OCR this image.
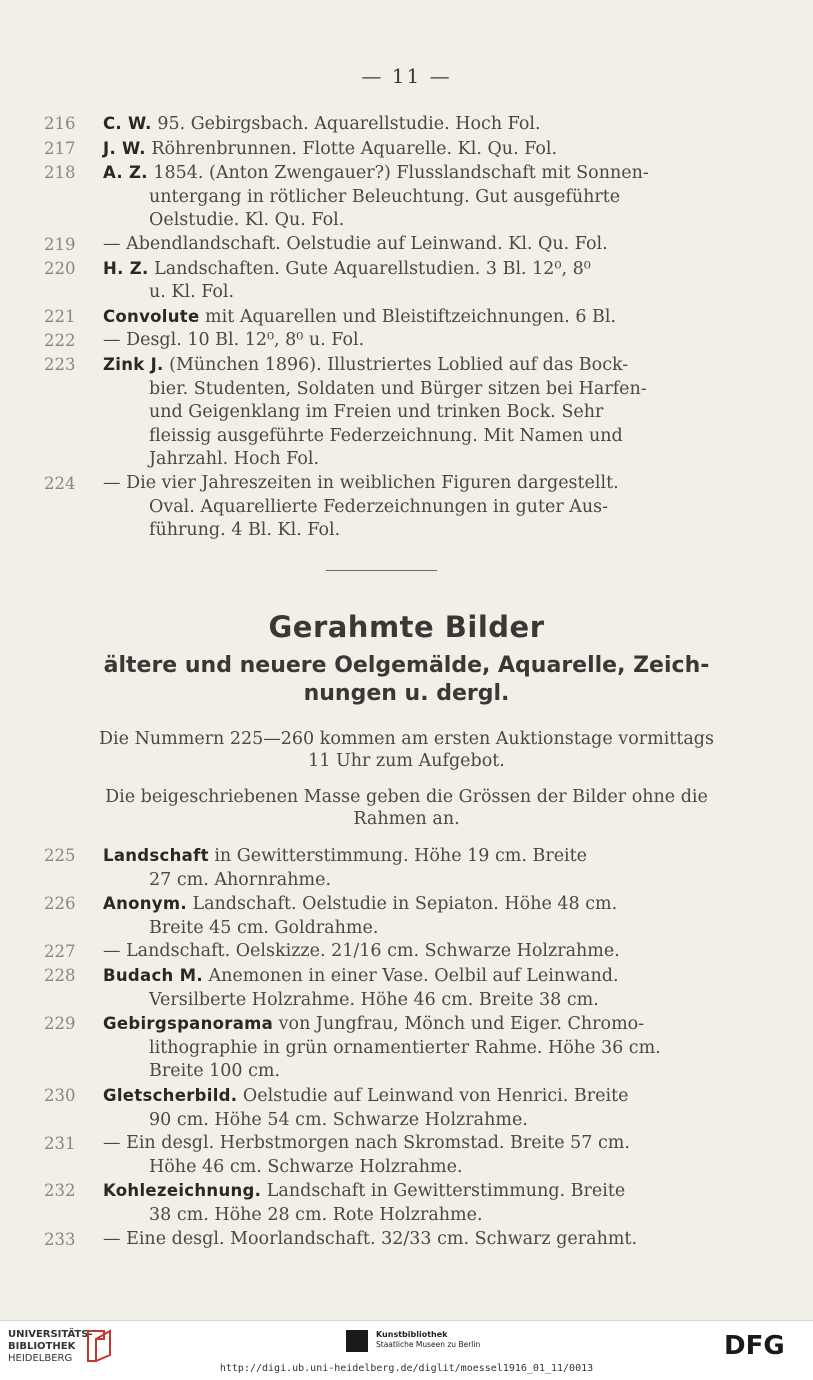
— 11 —
216	C. W. 95. Gebirgsbach. Aquarellstudie. Hoch Fol.
217	J. W. Röhrenbrunnen. Flotte Aquarelle. Kl. Qu. Fol.
218	A. Z. 1854. (Anton Zwengauer?) Flusslandschaft mit Sonnen-
untergang in rötlicher Beleuchtung. Gut ausgeführte
Oelstudie. Kl. Qu. Fol.
219	— Abendlandschaft. Oelstudie auf Leinwand. Kl. Qu. Fol.
220	H. Z. Landschaften. Gute Aquarellstudien. 3 Bl. 12⁰, 8⁰
u. Kl. Fol.
221	Convolute mit Aquarellen und Bleistiftzeichnungen. 6 Bl.
222	— Desgl. 10 Bl. 12⁰, 8⁰ u. Fol.
223	Zink J. (München 1896). Illustriertes Loblied auf das Bock-
bier. Studenten, Soldaten und Bürger sitzen bei Harfen-
und Geigenklang im Freien und trinken Bock. Sehr
fleissig ausgeführte Federzeichnung. Mit Namen und
Jahrzahl. Hoch Fol.
224	— Die vier Jahreszeiten in weiblichen Figuren dargestellt.
Oval. Aquarellierte Federzeichnungen in guter Aus-
führung. 4 Bl. Kl. Fol.
Gerahmte Bilder
ältere und neuere Oelgemälde, Aquarelle, Zeich-
nungen u. dergl.
Die Nummern 225—260 kommen am ersten Auktionstage vormittags
11 Uhr zum Aufgebot.
Die beigeschriebenen Masse geben die Grössen der Bilder ohne die
Rahmen an.
225	Landschaft in Gewitterstimmung. Höhe 19 cm. Breite
27 cm. Ahornrahme.
226	Anonym. Landschaft. Oelstudie in Sepiaton. Höhe 48 cm.
Breite 45 cm. Goldrahme.
227	— Landschaft. Oelskizze. 21/16 cm. Schwarze Holzrahme.
228	Budach M. Anemonen in einer Vase. Oelbil auf Leinwand.
Versilberte Holzrahme. Höhe 46 cm. Breite 38 cm.
229	Gebirgspanorama von Jungfrau, Mönch und Eiger. Chromo-
lithographie in grün ornamentierter Rahme. Höhe 36 cm.
Breite 100 cm.
230	Gletscherbild. Oelstudie auf Leinwand von Henrici. Breite
90 cm. Höhe 54 cm. Schwarze Holzrahme.
231	— Ein desgl. Herbstmorgen nach Skromstad. Breite 57 cm.
Höhe 46 cm. Schwarze Holzrahme.
232	Kohlezeichnung. Landschaft in Gewitterstimmung. Breite
38 cm. Höhe 28 cm. Rote Holzrahme.
233	— Eine desgl. Moorlandschaft. 32/33 cm. Schwarz gerahmt.
UNIVERSITÄTS-
BIBLIOTHEK
HEIDELBERG
Kunstbibliothek
Staatliche Museen zu Berlin	DFG
http://digi.ub.uni-heidelberg.de/diglit/moessel1916_01_11/0013
